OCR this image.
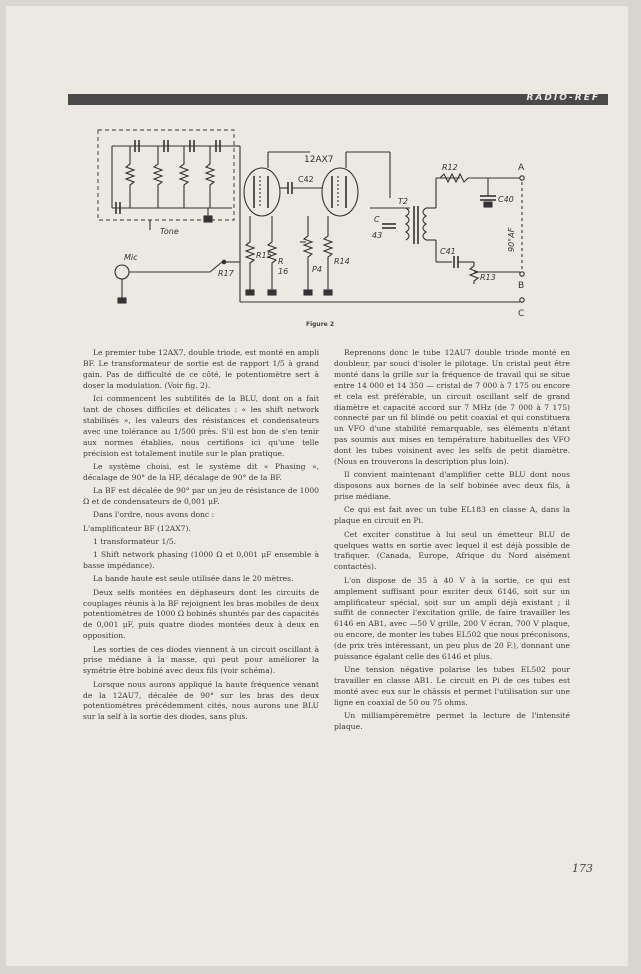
RADIO-REF
12AX7
C42
R12	A
B
C
T2	C40
C
43
C41
R13
90°AF
Tone
Mic	R15
R
16
R17	P4
R14
Figure 2

Le premier tube 12AX7, double triode, est monté en ampli BF. Le transformateur de sortie est de rapport 1/5 à grand gain. Pas de difficulté de ce côté, le potentiomètre sert à doser la modulation. (Voir fig. 2).

Ici commencent les subtilités de la BLU, dont on a fait tant de choses difficiles et délicates : « les shift network stabilisés », les valeurs des résistances et condensateurs avec une tolérance au 1/500 près. S'il est bon de s'en tenir aux normes établies, nous certifions ici qu'une telle précision est totalement inutile sur le plan pratique.

Le système choisi, est le système dit « Phasing », décalage de 90° de la HF, décalage de 90° de la BF.

La BF est décalée de 90° par un jeu de résistance de 1000 Ω et de condensateurs de 0,001 μF.

Dans l'ordre, nous avons donc :

L'amplificateur BF (12AX7).

1 transformateur 1/5.

1 Shift network phasing (1000 Ω et 0,001 μF ensemble à basse impédance).

La bande haute est seule utilisée dans le 20 mètres.

Deux selfs montées en déphaseurs dont les circuits de couplages réunis à la BF rejoignent les bras mobiles de deux potentiomètres de 1000 Ω bobinés shuntés par des capacités de 0,001 μF, puis quatre diodes montées deux à deux en opposition.

Les sorties de ces diodes viennent à un circuit oscillant à prise médiane à la masse, qui peut pour améliorer la symétrie être bobiné avec deux fils (voir schéma).

Lorsque nous aurons appliqué la haute fréquence venant de la 12AU7, décalée de 90° sur les bras des deux potentiomètres précédemment cités, nous aurons une BLU sur la self à la sortie des diodes, sans plus.

Reprenons donc le tube 12AU7 double triode monté en doubleur, par souci d'isoler le pilotage. Un cristal peut être monté dans la grille sur la fréquence de travail qui se situe entre 14 000 et 14 350 — cristal de 7 000 à 7 175 ou encore et cela est préférable, un circuit oscillant self de grand diamètre et capacité accord sur 7 MHz (de 7 000 à 7 175) connecté par un fil blindé ou petit coaxial et qui constituera un VFO d'une stabilité remarquable, ses éléments n'étant pas soumis aux mises en température habituelles des VFO dont les tubes voisinent avec les selfs de petit diamètre. (Nous en trouverons la description plus loin).

Il convient maintenant d'amplifier cette BLU dont nous disposons aux bornes de la self bobinée avec deux fils, à prise médiane.

Ce qui est fait avec un tube EL183 en classe A, dans la plaque en circuit en Pi.

Cet exciter constitue à lui seul un émetteur BLU de quelques watts en sortie avec lequel il est déjà possible de trafiquer. (Canada, Europe, Afrique du Nord aisément contactés).

L'on dispose de 35 à 40 V à la sortie, ce qui est amplement suffisant pour exciter deux 6146, soit sur un amplificateur spécial, soit sur un ampli déjà existant ; il suffit de connecter l'excitation grille, de faire travailler les 6146 en AB1, avec —50 V grille, 200 V écran, 700 V plaque, ou encore, de monter les tubes EL502 que nous préconisons, (de prix très intéressant, un peu plus de 20 F.), donnant une puissance égalant celle des 6146 et plus.

Une tension négative polarise les tubes EL502 pour travailler en classe AB1. Le circuit en Pi de ces tubes est monté avec eux sur le châssis et permet l'utilisation sur une ligne en coaxial de 50 ou 75 ohms.

Un milliampèremètre permet la lecture de l'intensité plaque.

173
